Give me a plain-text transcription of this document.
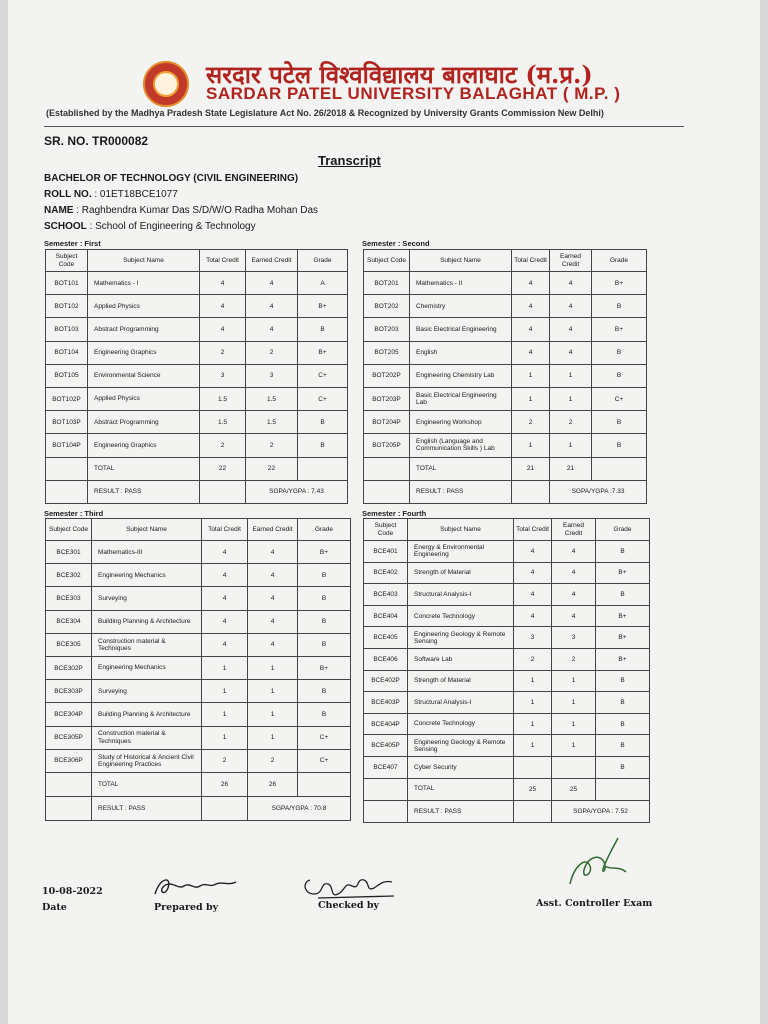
सरदार पटेल विश्वविद्यालय बालाघाट (म.प्र.)
SARDAR PATEL UNIVERSITY BALAGHAT ( M.P. )
(Established by the Madhya Pradesh State Legislature Act No. 26/2018 & Recognized by University Grants Commission New Delhi)
SR. NO. TR000082
Transcript
BACHELOR OF TECHNOLOGY (CIVIL ENGINEERING)
ROLL NO. : 01ET18BCE1077
NAME : Raghbendra Kumar Das S/D/W/O Radha Mohan Das
SCHOOL : School of Engineering & Technology
Semester : First	Semester : Second
Semester : Third	Semester : Fourth
Subject Code	Subject Name	Total Credit	Earned Credit	Grade
BOT101	Mathematics - I	4	4	A
BOT102	Applied Physics	4	4	B+
BOT103	Abstract Programming	4	4	B
BOT104	Engineering Graphics	2	2	B+
BOT105	Environmental Science	3	3	C+
BOT102P	Applied Physics	1.5	1.5	C+
BOT103P	Abstract Programming	1.5	1.5	B
BOT104P	Engineering Graphics	2	2	B
	TOTAL	22	22	
	RESULT : PASS		SGPA/YGPA : 7.43	
Subject Code	Subject Name	Total Credit	Earned Credit	Grade
BOT201	Mathematics - II	4	4	B+
BOT202	Chemistry	4	4	B
BOT203	Basic Electrical Engineering	4	4	B+
BOT205	English	4	4	B
BOT202P	Engineering Chemistry Lab	1	1	B
BOT203P	Basic Electrical Engineering Lab	1	1	C+
BOT204P	Engineering Workshop	2	2	B
BOT205P	English (Language and Communication Skills ) Lab	1	1	B
	TOTAL	21	21	
	RESULT : PASS		SGPA/YGPA :7.33	
Subject Code	Subject Name	Total Credit	Earned Credit	Grade
BCE301	Mathematics-III	4	4	B+
BCE302	Engineering Mechanics	4	4	B
BCE303	Surveying	4	4	B
BCE304	Building Planning & Architecture	4	4	B
BCE305	Construction material & Techniques	4	4	B
BCE302P	Engineering Mechanics	1	1	B+
BCE303P	Surveying	1	1	B
BCE304P	Building Planning & Architecture	1	1	B
BCE305P	Construction material & Techniques	1	1	C+
BCE306P	Study of Historical & Ancient Civil Engineering Practices	2	2	C+
	TOTAL	26	26	
	RESULT : PASS		SGPA/YGPA : 70.8	
Subject Code	Subject Name	Total Credit	Earned Credit	Grade
BCE401	Energy & Environmental Engineering	4	4	B
BCE402	Strength of Material	4	4	B+
BCE403	Structural Analysis-I	4	4	B
BCE404	Concrete Technology	4	4	B+
BCE405	Engineering Geology & Remote Sensing	3	3	B+
BCE406	Software Lab	2	2	B+
BCE402P	Strength of Material	1	1	B
BCE403P	Structural Analysis-I	1	1	B
BCE404P	Concrete Technology	1	1	B
BCE405P	Engineering Geology & Remote Sensing	1	1	B
BCE407	Cyber Security			B
	TOTAL	25	25	
	RESULT : PASS		SGPA/YGPA : 7.52	
10-08-2022
Date	Prepared by	Checked by	Asst. Controller Exam
